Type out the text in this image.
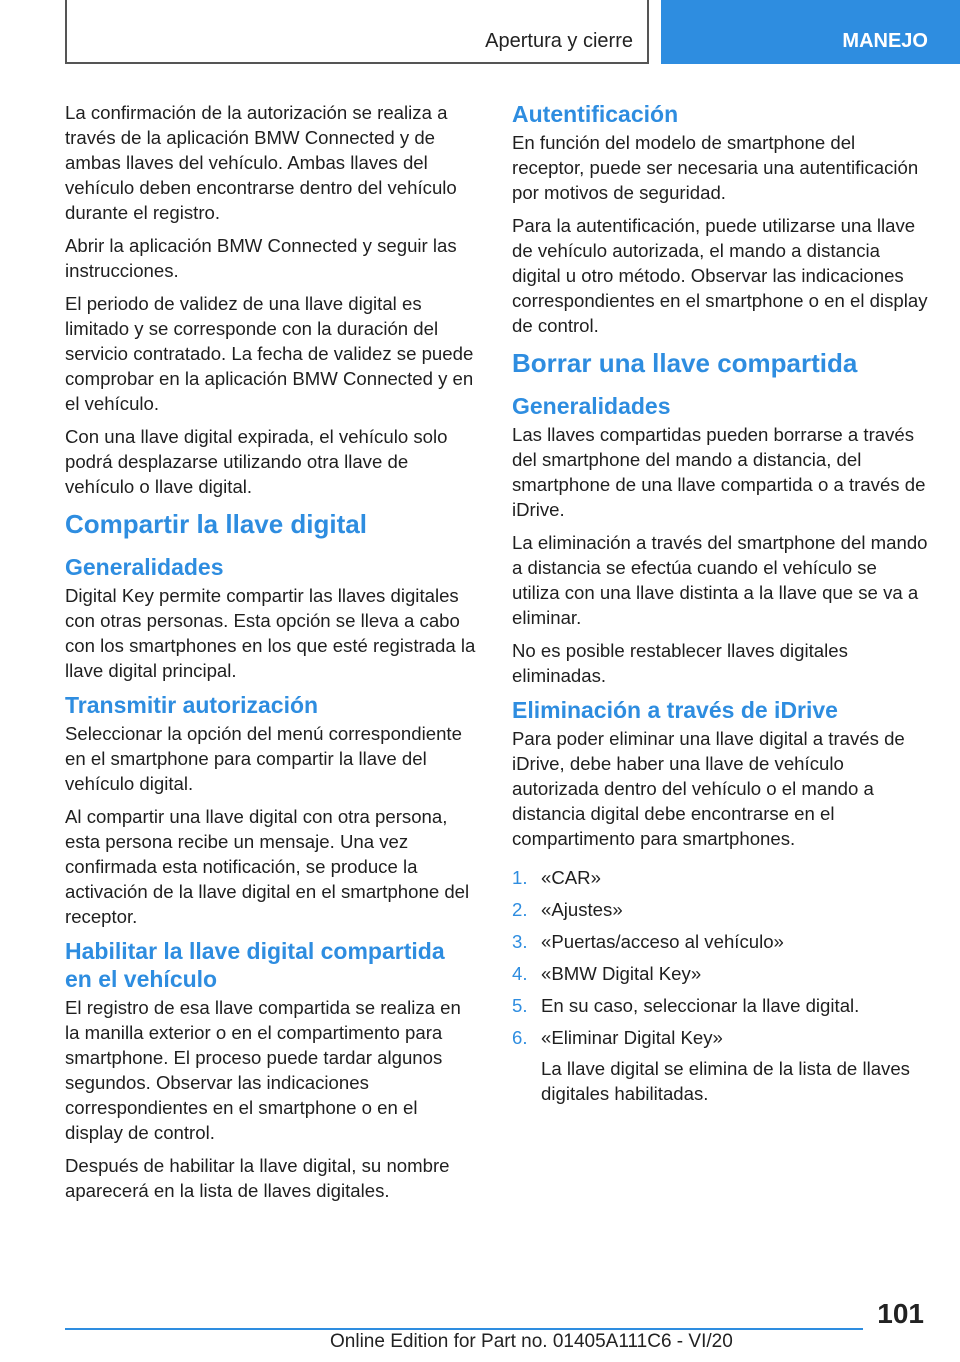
Apertura y cierre	MANEJO

La confirmación de la autorización se realiza a través de la aplicación BMW Connected y de ambas llaves del vehículo. Ambas llaves del vehículo deben encontrarse dentro del vehículo durante el registro.

Abrir la aplicación BMW Connected y seguir las instrucciones.

El periodo de validez de una llave digital es limitado y se corresponde con la duración del servicio contratado. La fecha de validez se puede comprobar en la aplicación BMW Connected y en el vehículo.

Con una llave digital expirada, el vehículo solo podrá desplazarse utilizando otra llave de vehículo o llave digital.

Compartir la llave digital
Generalidades

Digital Key permite compartir las llaves digitales con otras personas. Esta opción se lleva a cabo con los smartphones en los que esté registrada la llave digital principal.

Transmitir autorización

Seleccionar la opción del menú correspondiente en el smartphone para compartir la llave del vehículo digital.

Al compartir una llave digital con otra persona, esta persona recibe un mensaje. Una vez confirmada esta notificación, se produce la activación de la llave digital en el smartphone del receptor.

Habilitar la llave digital compartida en el vehículo

El registro de esa llave compartida se realiza en la manilla exterior o en el compartimento para smartphone. El proceso puede tardar algunos segundos. Observar las indicaciones correspondientes en el smartphone o en el display de control.

Después de habilitar la llave digital, su nombre aparecerá en la lista de llaves digitales.

Autentificación

En función del modelo de smartphone del receptor, puede ser necesaria una autentificación por motivos de seguridad.

Para la autentificación, puede utilizarse una llave de vehículo autorizada, el mando a distancia digital u otro método. Observar las indicaciones correspondientes en el smartphone o en el display de control.

Borrar una llave compartida
Generalidades

Las llaves compartidas pueden borrarse a través del smartphone del mando a distancia, del smartphone de una llave compartida o a través de iDrive.

La eliminación a través del smartphone del mando a distancia se efectúa cuando el vehículo se utiliza con una llave distinta a la llave que se va a eliminar.

No es posible restablecer llaves digitales eliminadas.

Eliminación a través de iDrive

Para poder eliminar una llave digital a través de iDrive, debe haber una llave de vehículo autorizada dentro del vehículo o el mando a distancia digital debe encontrarse en el compartimento para smartphones.

1. «CAR»
2. «Ajustes»
3. «Puertas/acceso al vehículo»
4. «BMW Digital Key»
5. En su caso, seleccionar la llave digital.
6. «Eliminar Digital Key»
La llave digital se elimina de la lista de llaves digitales habilitadas.
101
Online Edition for Part no. 01405A111C6 - VI/20
